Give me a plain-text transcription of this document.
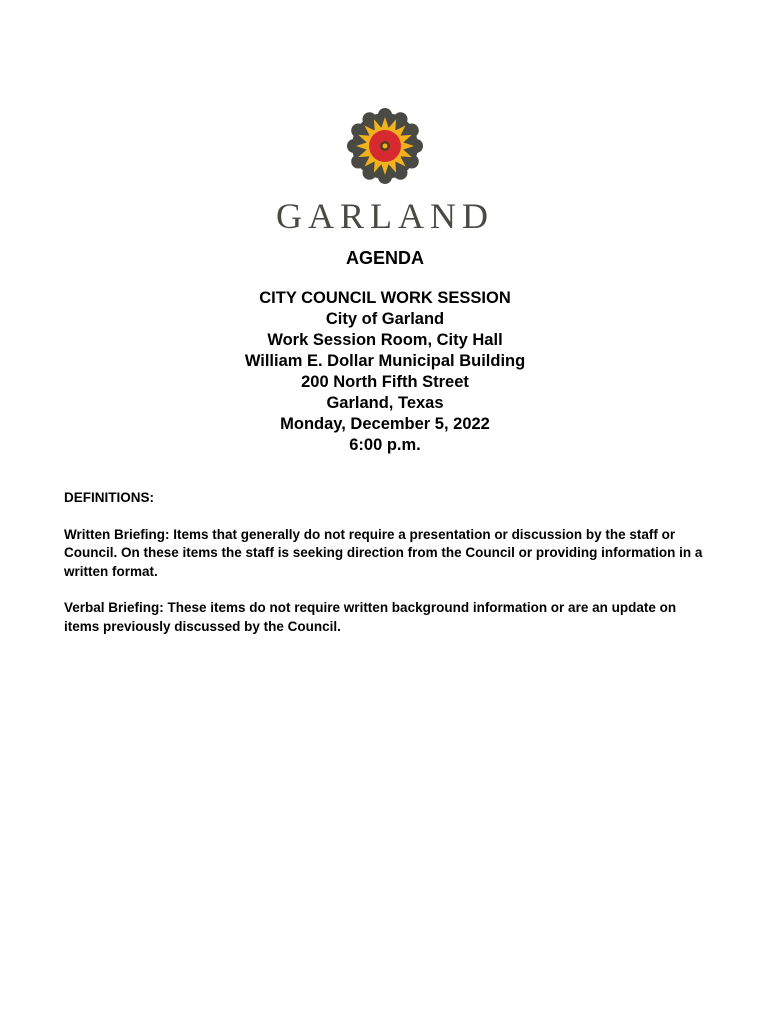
GARLAND
AGENDA
CITY COUNCIL WORK SESSION
City of Garland
Work Session Room, City Hall
William E. Dollar Municipal Building
200 North Fifth Street
Garland, Texas
Monday, December 5, 2022
6:00 p.m.

DEFINITIONS:

Written Briefing: Items that generally do not require a presentation or discussion by the staff or Council. On these items the staff is seeking direction from the Council or providing information in a written format.

Verbal Briefing: These items do not require written background information or are an update on items previously discussed by the Council.
